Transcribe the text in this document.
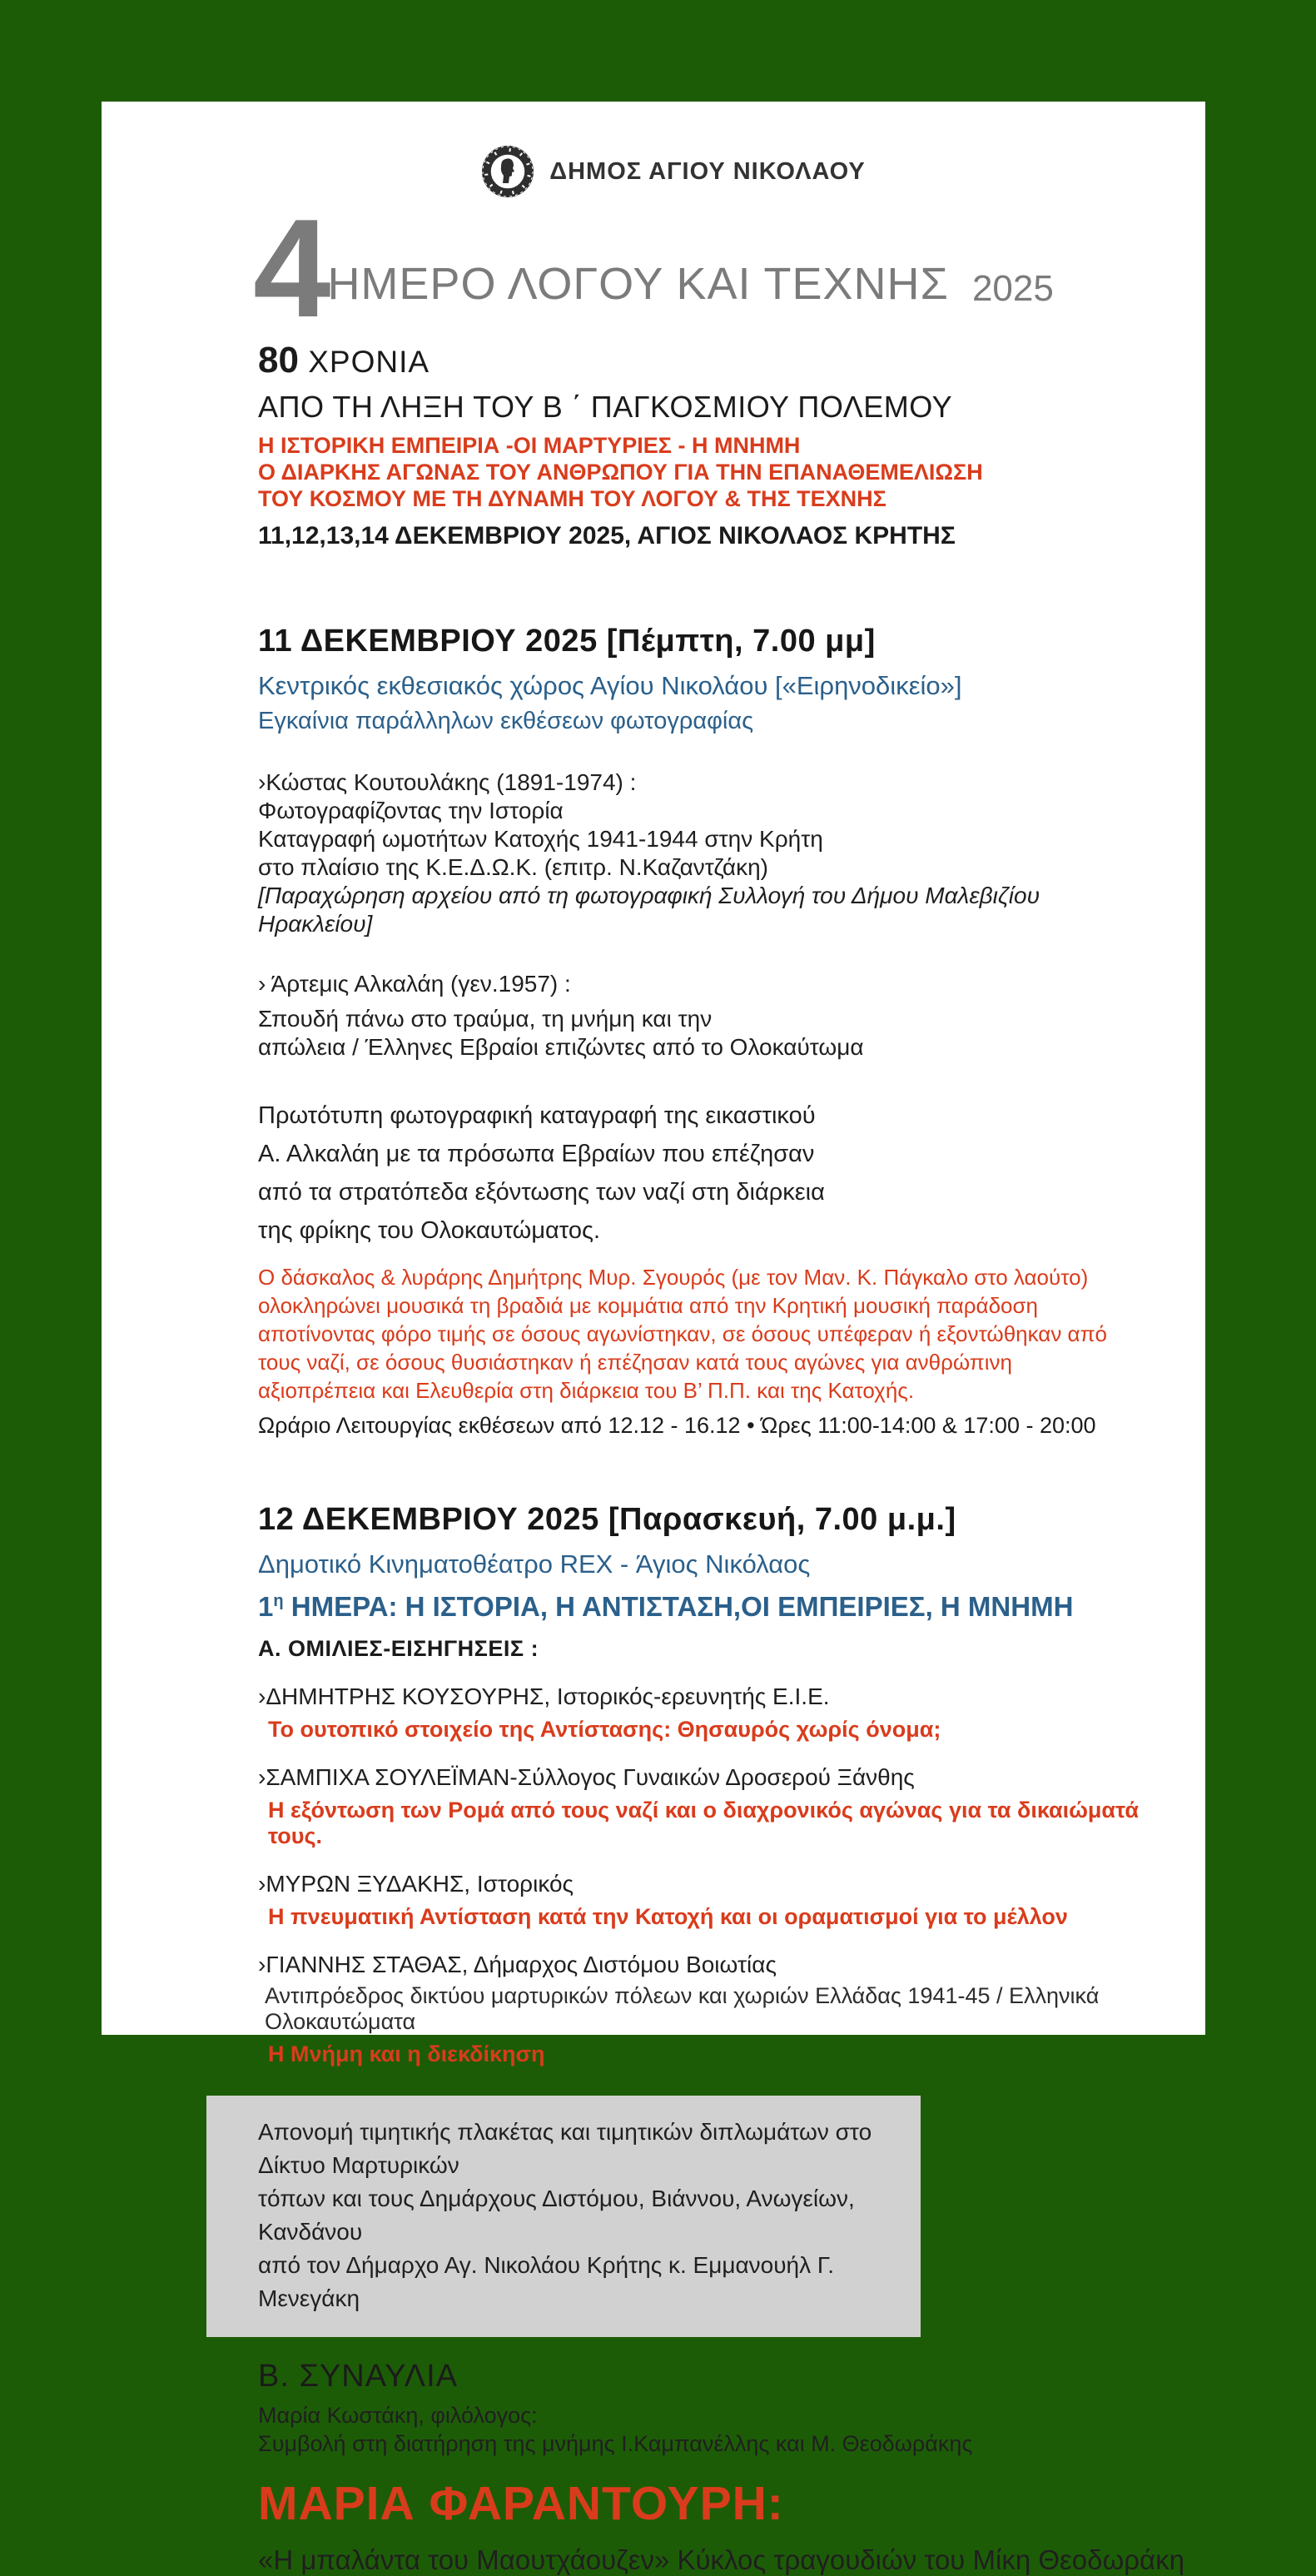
ΔΗΜΟΣ ΑΓΙΟΥ ΝΙΚΟΛΑΟΥ
4 ΗΜΕΡΟ ΛΟΓΟΥ ΚΑΙ ΤΕΧΝΗΣ 2025
80 ΧΡΟΝΙΑ
ΑΠΟ ΤΗ ΛΗΞΗ ΤΟΥ Β ΄ ΠΑΓΚΟΣΜΙΟΥ ΠΟΛΕΜΟΥ
Η ΙΣΤΟΡΙΚΗ ΕΜΠΕΙΡΙΑ -ΟΙ ΜΑΡΤΥΡΙΕΣ - Η ΜΝΗΜΗ
Ο ΔΙΑΡΚΗΣ ΑΓΩΝΑΣ ΤΟΥ ΑΝΘΡΩΠΟΥ ΓΙΑ ΤΗΝ ΕΠΑΝΑΘΕΜΕΛΙΩΣΗ
ΤΟΥ ΚΟΣΜΟΥ ΜΕ ΤΗ ΔΥΝΑΜΗ ΤΟΥ ΛΟΓΟΥ & ΤΗΣ ΤΕΧΝΗΣ
11,12,13,14 ΔΕΚΕΜΒΡΙΟΥ 2025, ΑΓΙΟΣ ΝΙΚΟΛΑΟΣ ΚΡΗΤΗΣ
11 ΔΕΚΕΜΒΡΙΟΥ 2025 [Πέμπτη, 7.00 μμ]
Κεντρικός εκθεσιακός χώρος Αγίου Νικολάου [«Ειρηνοδικείο»]
Εγκαίνια παράλληλων εκθέσεων φωτογραφίας
›Κώστας Κουτουλάκης (1891-1974) :
Φωτογραφίζοντας την Ιστορία
Καταγραφή ωμοτήτων Κατοχής 1941-1944 στην Κρήτη
στο πλαίσιο της Κ.Ε.Δ.Ω.Κ. (επιτρ. Ν.Καζαντζάκη)
[Παραχώρηση αρχείου από τη φωτογραφική Συλλογή του Δήμου Μαλεβιζίου Ηρακλείου]
› Άρτεμις Αλκαλάη (γεν.1957) :
Σπουδή πάνω στο τραύμα, τη μνήμη και την
απώλεια / Έλληνες Εβραίοι επιζώντες από το Ολοκαύτωμα
Πρωτότυπη φωτογραφική καταγραφή της εικαστικού
Α. Αλκαλάη με τα πρόσωπα Εβραίων που επέζησαν
από τα στρατόπεδα εξόντωσης των ναζί στη διάρκεια
της φρίκης του Ολοκαυτώματος.
Ο δάσκαλος & λυράρης Δημήτρης Μυρ. Σγουρός (με τον Μαν. Κ. Πάγκαλο στο λαούτο)
ολοκληρώνει μουσικά τη βραδιά με κομμάτια από την Κρητική μουσική παράδοση
αποτίνοντας φόρο τιμής σε όσους αγωνίστηκαν, σε όσους υπέφεραν ή εξοντώθηκαν από
τους ναζί, σε όσους θυσιάστηκαν ή επέζησαν κατά τους αγώνες για ανθρώπινη
αξιοπρέπεια και Ελευθερία στη διάρκεια του Β’ Π.Π. και της Κατοχής.
Ωράριο Λειτουργίας εκθέσεων από 12.12 - 16.12 • Ώρες 11:00-14:00 & 17:00 - 20:00
12 ΔΕΚΕΜΒΡΙΟΥ 2025 [Παρασκευή, 7.00 μ.μ.]
Δημοτικό Κινηματοθέατρο REX - Άγιος Νικόλαος
$1^\eta$ ΗΜΕΡΑ: Η ΙΣΤΟΡΙΑ, Η ΑΝΤΙΣΤΑΣΗ,ΟΙ ΕΜΠΕΙΡΙΕΣ, Η ΜΝΗΜΗ
Α. ΟΜΙΛΙΕΣ-ΕΙΣΗΓΗΣΕΙΣ :
›ΔΗΜΗΤΡΗΣ ΚΟΥΣΟΥΡΗΣ, Ιστορικός-ερευνητής Ε.Ι.Ε.
Το ουτοπικό στοιχείο της Αντίστασης: Θησαυρός χωρίς όνομα;
›ΣΑΜΠΙΧΑ ΣΟΥΛΕΪΜΑΝ-Σύλλογος Γυναικών Δροσερού Ξάνθης
Η εξόντωση των Ρομά από τους ναζί και ο διαχρονικός αγώνας για τα δικαιώματά τους.
›ΜΥΡΩΝ ΞΥΔΑΚΗΣ, Ιστορικός
Η πνευματική Αντίσταση κατά την Κατοχή και οι οραματισμοί για το μέλλον
›ΓΙΑΝΝΗΣ ΣΤΑΘΑΣ, Δήμαρχος Διστόμου Βοιωτίας
Αντιπρόεδρος δικτύου μαρτυρικών πόλεων και χωριών Ελλάδας 1941-45 / Ελληνικά Ολοκαυτώματα
Η Μνήμη και η διεκδίκηση
Απονομή τιμητικής πλακέτας και τιμητικών διπλωμάτων στο Δίκτυο Μαρτυρικών
τόπων και τους Δημάρχους Διστόμου, Βιάννου, Ανωγείων, Κανδάνου
από τον Δήμαρχο Αγ. Νικολάου Κρήτης κ. Εμμανουήλ Γ. Μενεγάκη
Β. ΣΥΝΑΥΛΙΑ
Μαρία Κωστάκη, φιλόλογος:
Συμβολή στη διατήρηση της μνήμης Ι.Καμπανέλλης και Μ. Θεοδωράκης
ΜΑΡΙΑ ΦΑΡΑΝΤΟΥΡΗ:
«Η μπαλάντα του Μαουτχάουζεν» Κύκλος τραγουδιών του Μίκη Θεοδωράκη
